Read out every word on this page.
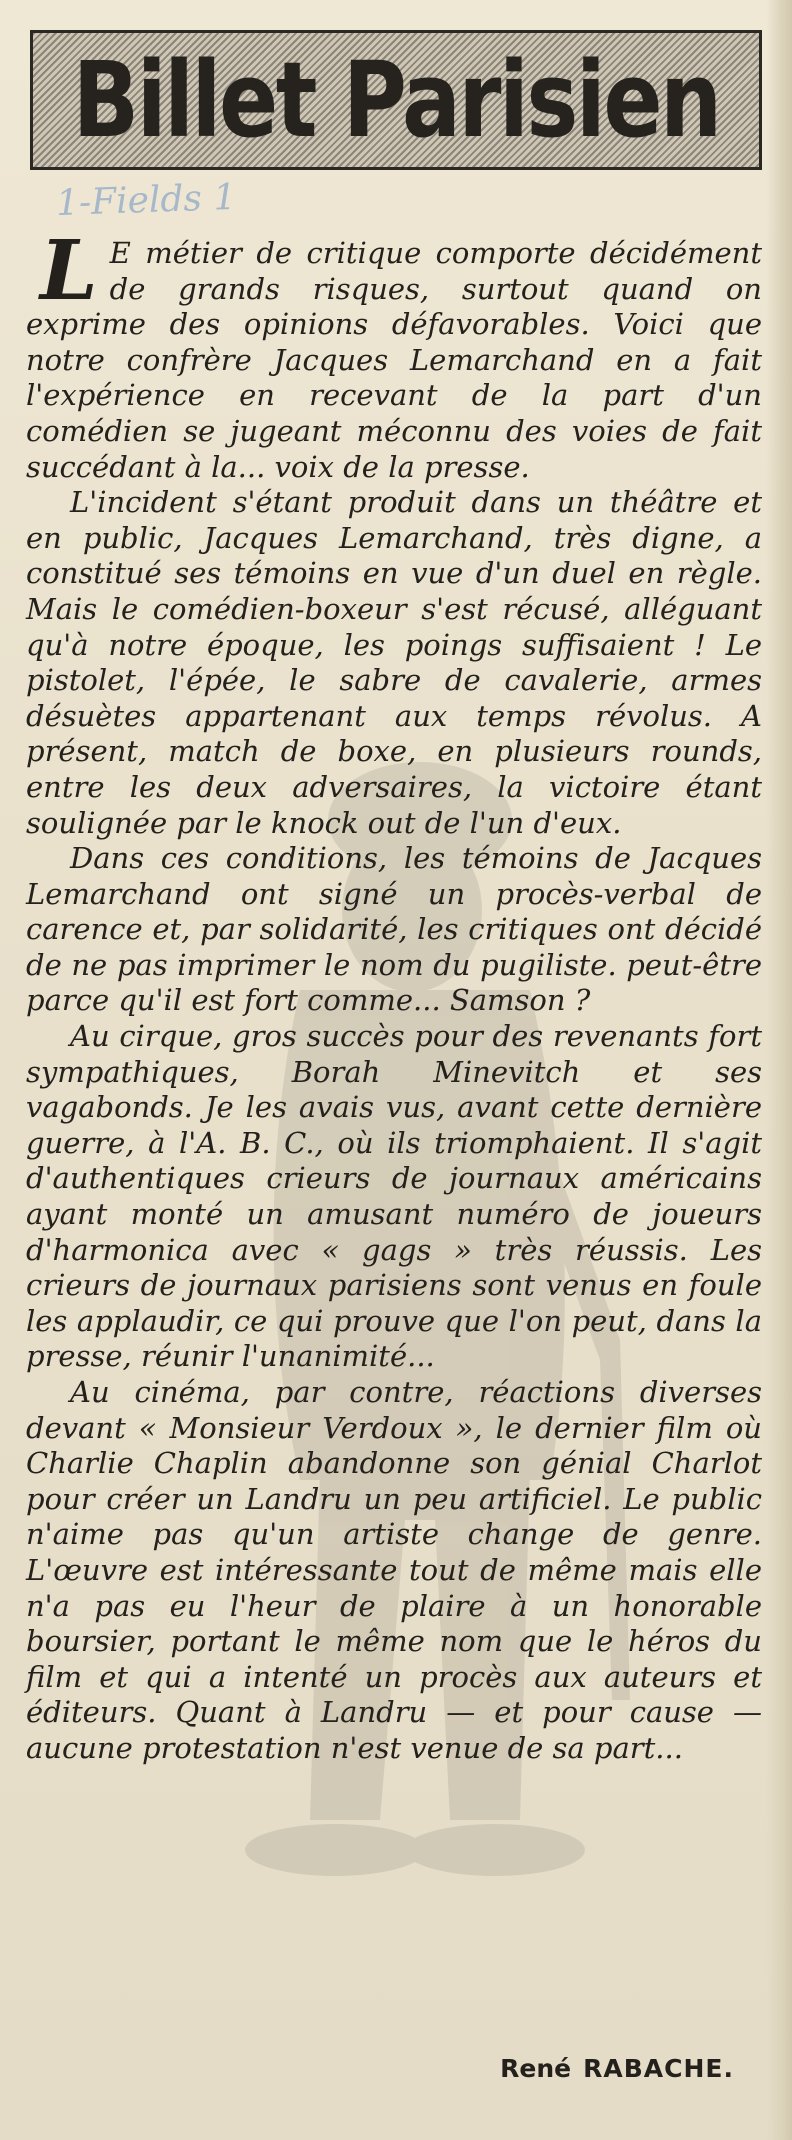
Billet Parisien
1-Fields 1

L E métier de critique comporte décidément de grands risques, surtout quand on exprime des opinions défavorables. Voici que notre confrère Jacques Lemarchand en a fait l'expérience en recevant de la part d'un comédien se jugeant méconnu des voies de fait succédant à la... voix de la presse.

L'incident s'étant produit dans un théâtre et en public, Jacques Lemarchand, très digne, a constitué ses témoins en vue d'un duel en règle. Mais le comédien-boxeur s'est récusé, alléguant qu'à notre époque, les poings suffisaient ! Le pistolet, l'épée, le sabre de cavalerie, armes désuètes appartenant aux temps révolus. A présent, match de boxe, en plusieurs rounds, entre les deux adversaires, la victoire étant soulignée par le knock out de l'un d'eux.

Dans ces conditions, les témoins de Jacques Lemarchand ont signé un procès-verbal de carence et, par solidarité, les critiques ont décidé de ne pas imprimer le nom du pugiliste. peut-être parce qu'il est fort comme... Samson ?

Au cirque, gros succès pour des revenants fort sympathiques, Borah Minevitch et ses vagabonds. Je les avais vus, avant cette dernière guerre, à l'A. B. C., où ils triomphaient. Il s'agit d'authentiques crieurs de journaux américains ayant monté un amusant numéro de joueurs d'harmonica avec « gags » très réussis. Les crieurs de journaux parisiens sont venus en foule les applaudir, ce qui prouve que l'on peut, dans la presse, réunir l'unanimité...

Au cinéma, par contre, réactions diverses devant « Monsieur Verdoux », le dernier film où Charlie Chaplin abandonne son génial Charlot pour créer un Landru un peu artificiel. Le public n'aime pas qu'un artiste change de genre. L'œuvre est intéressante tout de même mais elle n'a pas eu l'heur de plaire à un honorable boursier, portant le même nom que le héros du film et qui a intenté un procès aux auteurs et éditeurs. Quant à Landru — et pour cause — aucune protestation n'est venue de sa part...

René RABACHE.
